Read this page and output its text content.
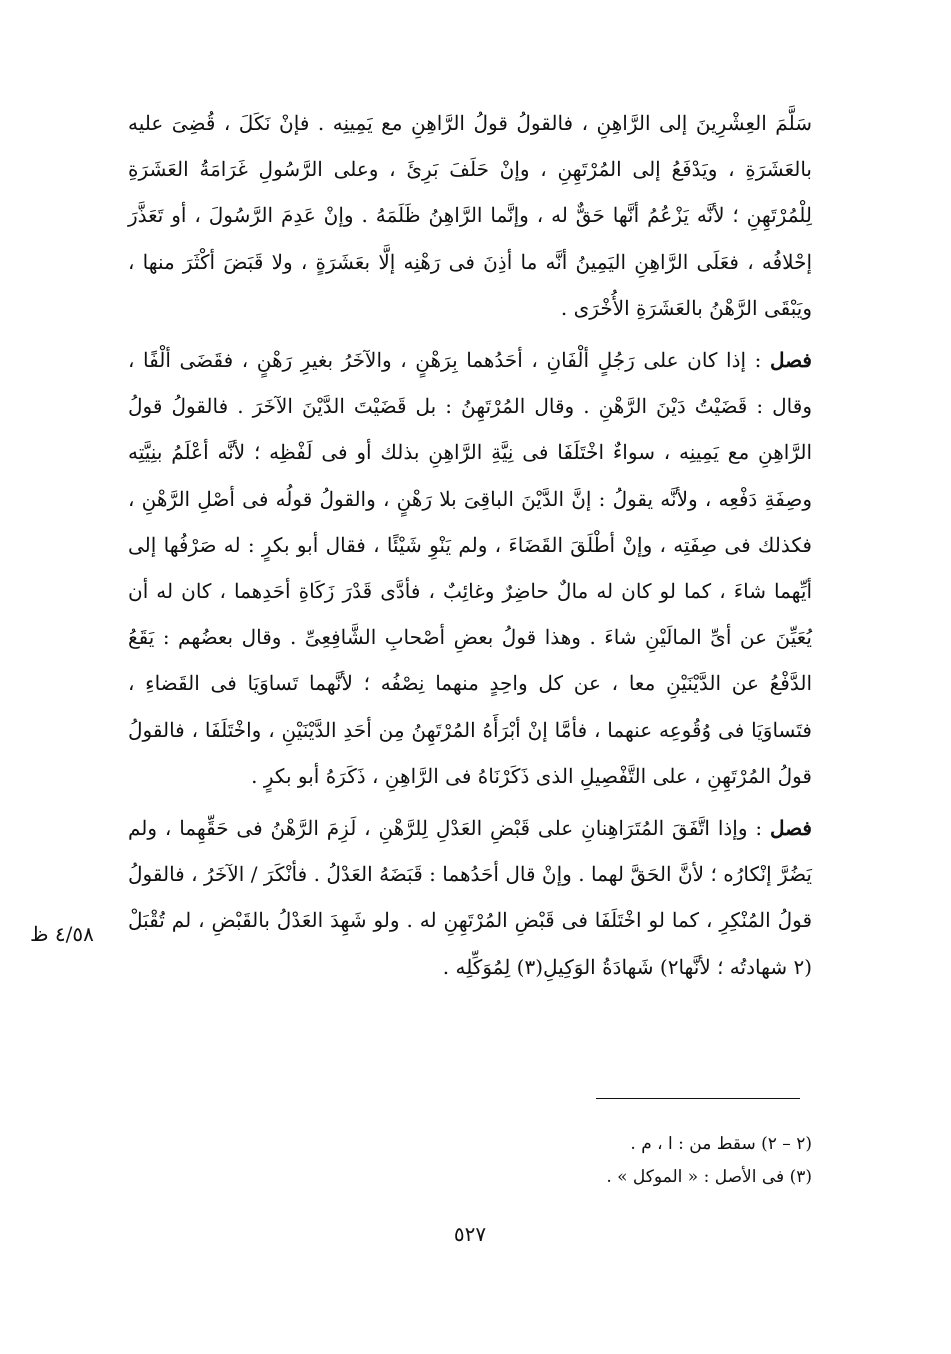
سَلَّمَ العِشْرِينَ إلى الرَّاهِنِ ، فالقولُ قولُ الرَّاهِنِ مع يَمِينِه . فإنْ نَكَلَ ، قُضِىَ عليه بالعَشَرَةِ ، ويَدْفَعُ إلى المُرْتَهِنِ ، وإنْ حَلَفَ بَرِئَ ، وعلى الرَّسُولِ غَرَامَةُ العَشَرَةِ لِلْمُرْتَهِنِ ؛ لأنَّه يَزْعُمُ أنَّها حَقٌّ له ، وإنَّما الرَّاهِنُ ظَلَمَهُ . وإنْ عَدِمَ الرَّسُولَ ، أو تَعَذَّرَ إحْلافُه ، فعَلَى الرَّاهِنِ اليَمِينُ أنَّه ما أذِنَ فى رَهْنِه إلَّا بعَشَرَةٍ ، ولا قَبَضَ أكْثَرَ منها ، ويَبْقَى الرَّهْنُ بالعَشَرَةِ الأُخْرَى .

فصل : إذا كان على رَجُلٍ ألْفَانِ ، أحَدُهما بِرَهْنٍ ، والآخَرُ بغيرِ رَهْنٍ ، فقَضَى ألْفًا ، وقال : قَضَيْتُ دَيْنَ الرَّهْنِ . وقال المُرْتَهِنُ : بل قَضَيْتَ الدَّيْنَ الآخَرَ . فالقولُ قولُ الرَّاهِنِ مع يَمِينِه ، سواءٌ اخْتَلَفَا فى نِيَّةِ الرَّاهِنِ بذلك أو فى لَفْظِه ؛ لأنَّه أعْلَمُ بنِيَّتِه وصِفَةِ دَفْعِه ، ولأنَّه يقولُ : إنَّ الدَّيْنَ الباقِىَ بلا رَهْنٍ ، والقولُ قولُه فى أصْلِ الرَّهْنِ ، فكذلك فى صِفَتِه ، وإنْ أطْلَقَ القَضَاءَ ، ولم يَنْوِ شَيْئًا ، فقال أبو بكرٍ : له صَرْفُها إلى أيِّهما شاءَ ، كما لو كان له مالٌ حاضِرٌ وغائِبٌ ، فأدَّى قَدْرَ زَكَاةِ أحَدِهما ، كان له أن يُعَيِّنَ عن أىِّ المالَيْنِ شاءَ . وهذا قولُ بعضِ أصْحابِ الشَّافِعِىِّ . وقال بعضُهم : يَقَعُ الدَّفْعُ عن الدَّيْنَيْنِ معا ، عن كل واحِدٍ منهما نِصْفُه ؛ لأنَّهما تَساوَيَا فى القَضاءِ ، فتَساوَيَا فى وُقُوعِه عنهما ، فأمَّا إنْ أبْرَأَهُ المُرْتَهِنُ مِن أحَدِ الدَّيْنَيْنِ ، واخْتَلَفَا ، فالقولُ قولُ المُرْتَهِنِ ، على التَّفْصِيلِ الذى ذَكَرْنَاهُ فى الرَّاهِنِ ، ذَكَرَهُ أبو بكرٍ .

فصل : وإذا اتَّفَقَ المُتَرَاهِنانِ على قَبْضِ العَدْلِ لِلرَّهْنِ ، لَزِمَ الرَّهْنُ فى حَقِّهِما ، ولم يَضُرَّ إنْكارُه ؛ لأنَّ الحَقَّ لهما . وإنْ قال أحَدُهما : قَبَضَهُ العَدْلُ . فأنْكَرَ / الآخَرُ ، فالقولُ قولُ المُنْكِرِ ، كما لو اخْتَلَفَا فى قَبْضِ المُرْتَهِنِ له . ولو شَهِدَ العَدْلُ بالقَبْضِ ، لم تُقْبَلْ (٢ شهادتُه ؛ لأنَّها٢) شَهادَةُ الوَكِيلِ(٣) لِمُوَكِّلِه .

٤/٥٨ ظ
(٢ – ٢) سقط من : ا ، م .
(٣) فى الأصل : « الموكل » .
٥٢٧
